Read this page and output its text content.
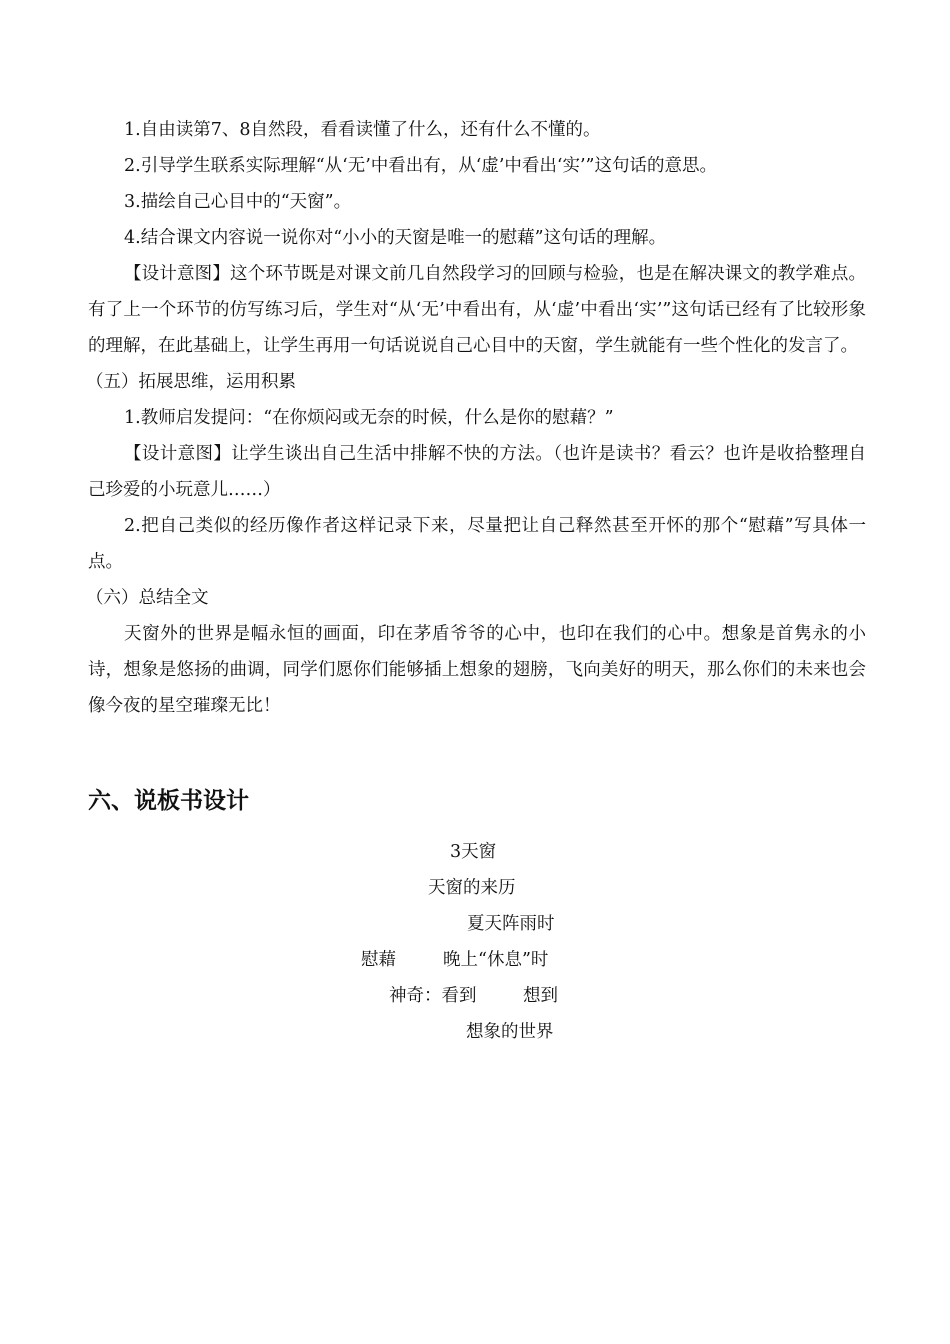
1.自由读第7、8自然段，看看读懂了什么，还有什么不懂的。
2.引导学生联系实际理解“从‘无’中看出有，从‘虚’中看出‘实’”这句话的意思。
3.描绘自己心目中的“天窗”。
4.结合课文内容说一说你对“小小的天窗是唯一的慰藉”这句话的理解。
【设计意图】这个环节既是对课文前几自然段学习的回顾与检验，也是在解决课文的教学难点。有了上一个环节的仿写练习后，学生对“从‘无’中看出有，从‘虚’中看出‘实’”这句话已经有了比较形象的理解，在此基础上，让学生再用一句话说说自己心目中的天窗，学生就能有一些个性化的发言了。
（五）拓展思维，运用积累
1.教师启发提问：“在你烦闷或无奈的时候，什么是你的慰藉？”
【设计意图】让学生谈出自己生活中排解不快的方法。（也许是读书？看云？也许是收拾整理自己珍爱的小玩意儿……）
2.把自己类似的经历像作者这样记录下来，尽量把让自己释然甚至开怀的那个“慰藉”写具体一点。
（六）总结全文
天窗外的世界是幅永恒的画面，印在茅盾爷爷的心中，也印在我们的心中。想象是首隽永的小诗，想象是悠扬的曲调，同学们愿你们能够插上想象的翅膀，飞向美好的明天，那么你们的未来也会像今夜的星空璀璨无比！
六、说板书设计
3天窗
天窗的来历
夏天阵雨时
慰藉	晚上“休息”时
神奇：看到	想到
想象的世界
